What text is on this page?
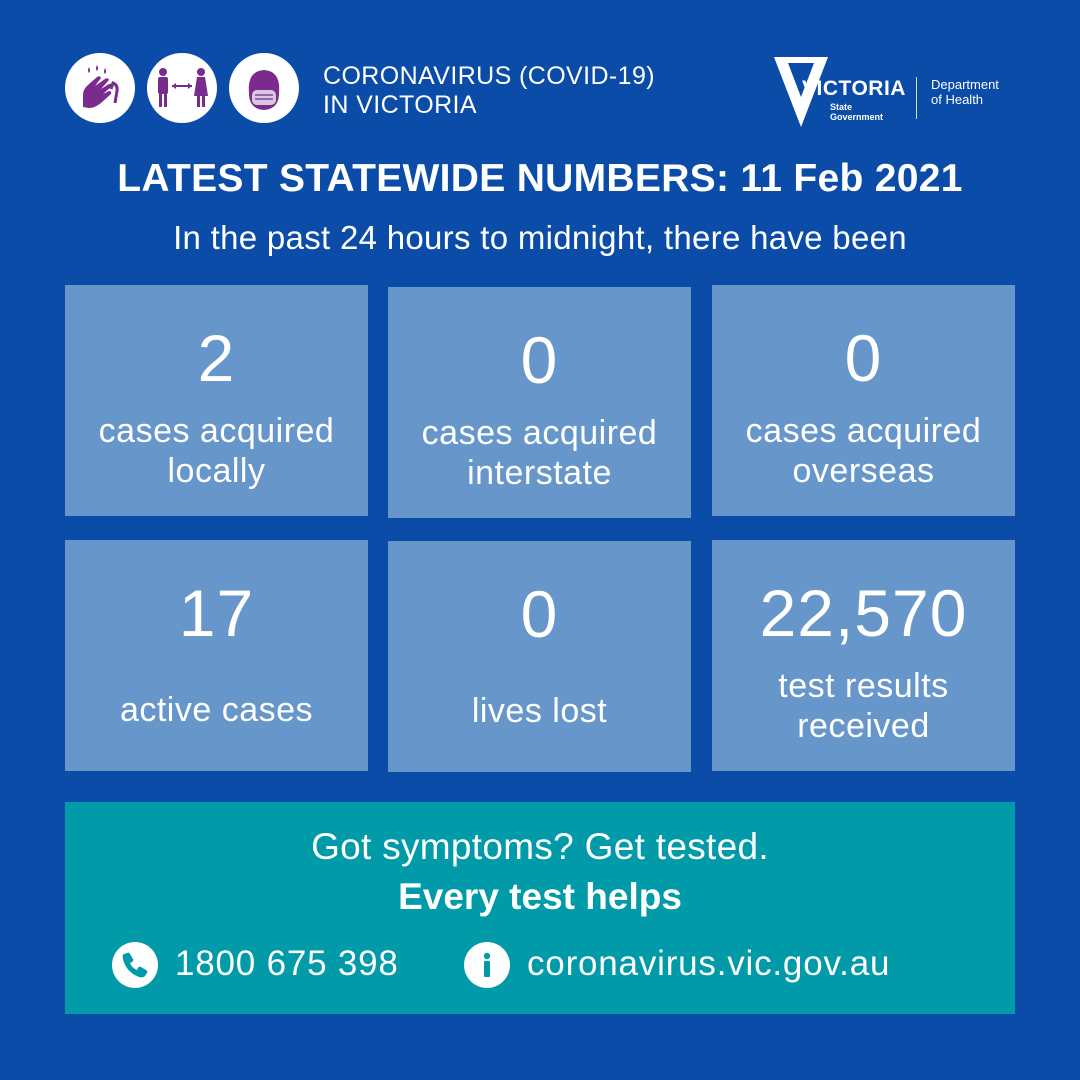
CORONAVIRUS (COVID-19)
IN VICTORIA
VICTORIA
State
Government
Department
of Health
LATEST STATEWIDE NUMBERS: 11 Feb 2021
In the past 24 hours to midnight, there have been
2
cases acquired
locally
0
cases acquired
interstate
0
cases acquired
overseas
17
active cases
0
lives lost
22,570
test results
received
Got symptoms? Get tested.
Every test helps
1800 675 398	coronavirus.vic.gov.au
